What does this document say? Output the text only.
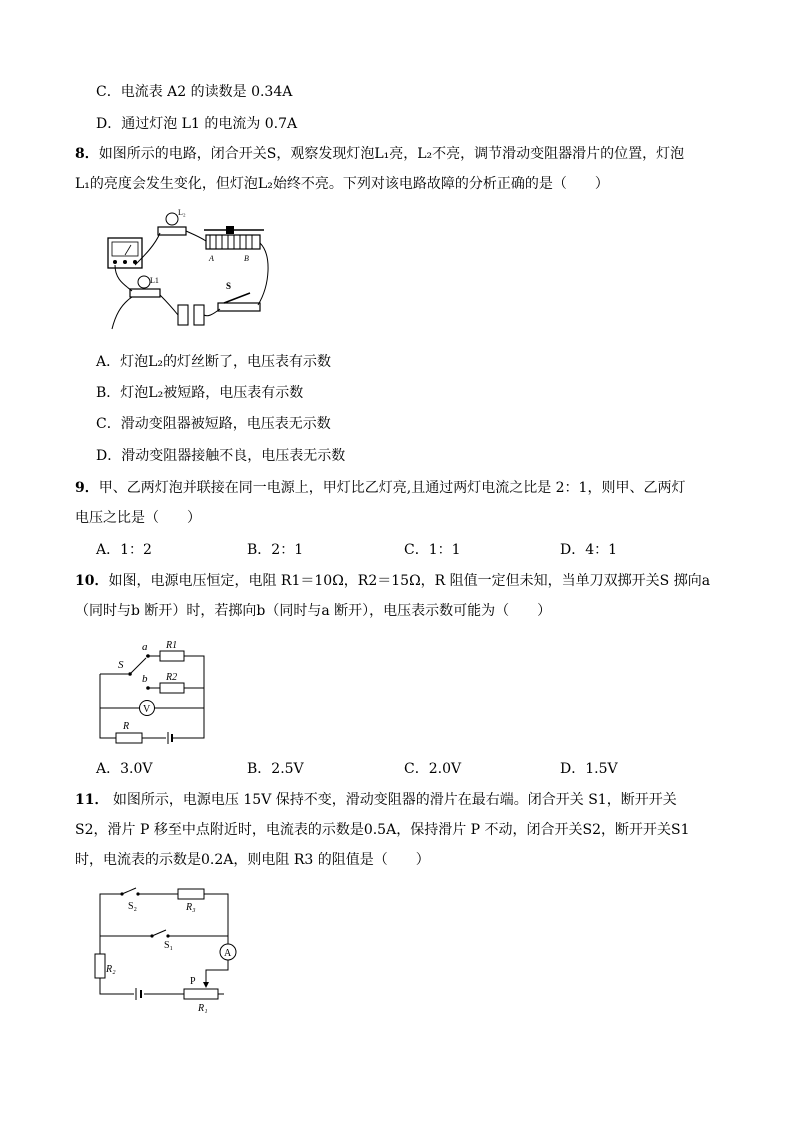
C．电流表 A2 的读数是 0.34A
D．通过灯泡 L1 的电流为 0.7A
8．如图所示的电路，闭合开关S，观察发现灯泡L₁亮，L₂不亮，调节滑动变阻器滑片的位置，灯泡
L₁的亮度会发生变化，但灯泡L₂始终不亮。下列对该电路故障的分析正确的是（　　）
L₂
A	B
L1
S
A．灯泡L₂的灯丝断了，电压表有示数
B．灯泡L₂被短路，电压表有示数
C．滑动变阻器被短路，电压表无示数
D．滑动变阻器接触不良，电压表无示数
9．甲、乙两灯泡并联接在同一电源上，甲灯比乙灯亮,且通过两灯电流之比是 2：1，则甲、乙两灯
电压之比是（　　）
A．1：2	B．2：1	C．1：1	D．4：1
10．如图，电源电压恒定，电阻 R1＝10Ω，R2＝15Ω，R 阻值一定但未知，当单刀双掷开关S 掷向a
（同时与b 断开）时，若掷向b（同时与a 断开），电压表示数可能为（　　）
S
a
b
R1
R2
V
R
A．3.0V	B．2.5V	C．2.0V	D．1.5V
11． 如图所示，电源电压 15V 保持不变，滑动变阻器的滑片在最右端。闭合开关 S1，断开开关
S2，滑片 P 移至中点附近时，电流表的示数是0.5A，保持滑片 P 不动，闭合开关S2，断开开关S1
时，电流表的示数是0.2A，则电阻 R3 的阻值是（　　）
S₂	R₃
S₁
A
R₂
P
R₁
